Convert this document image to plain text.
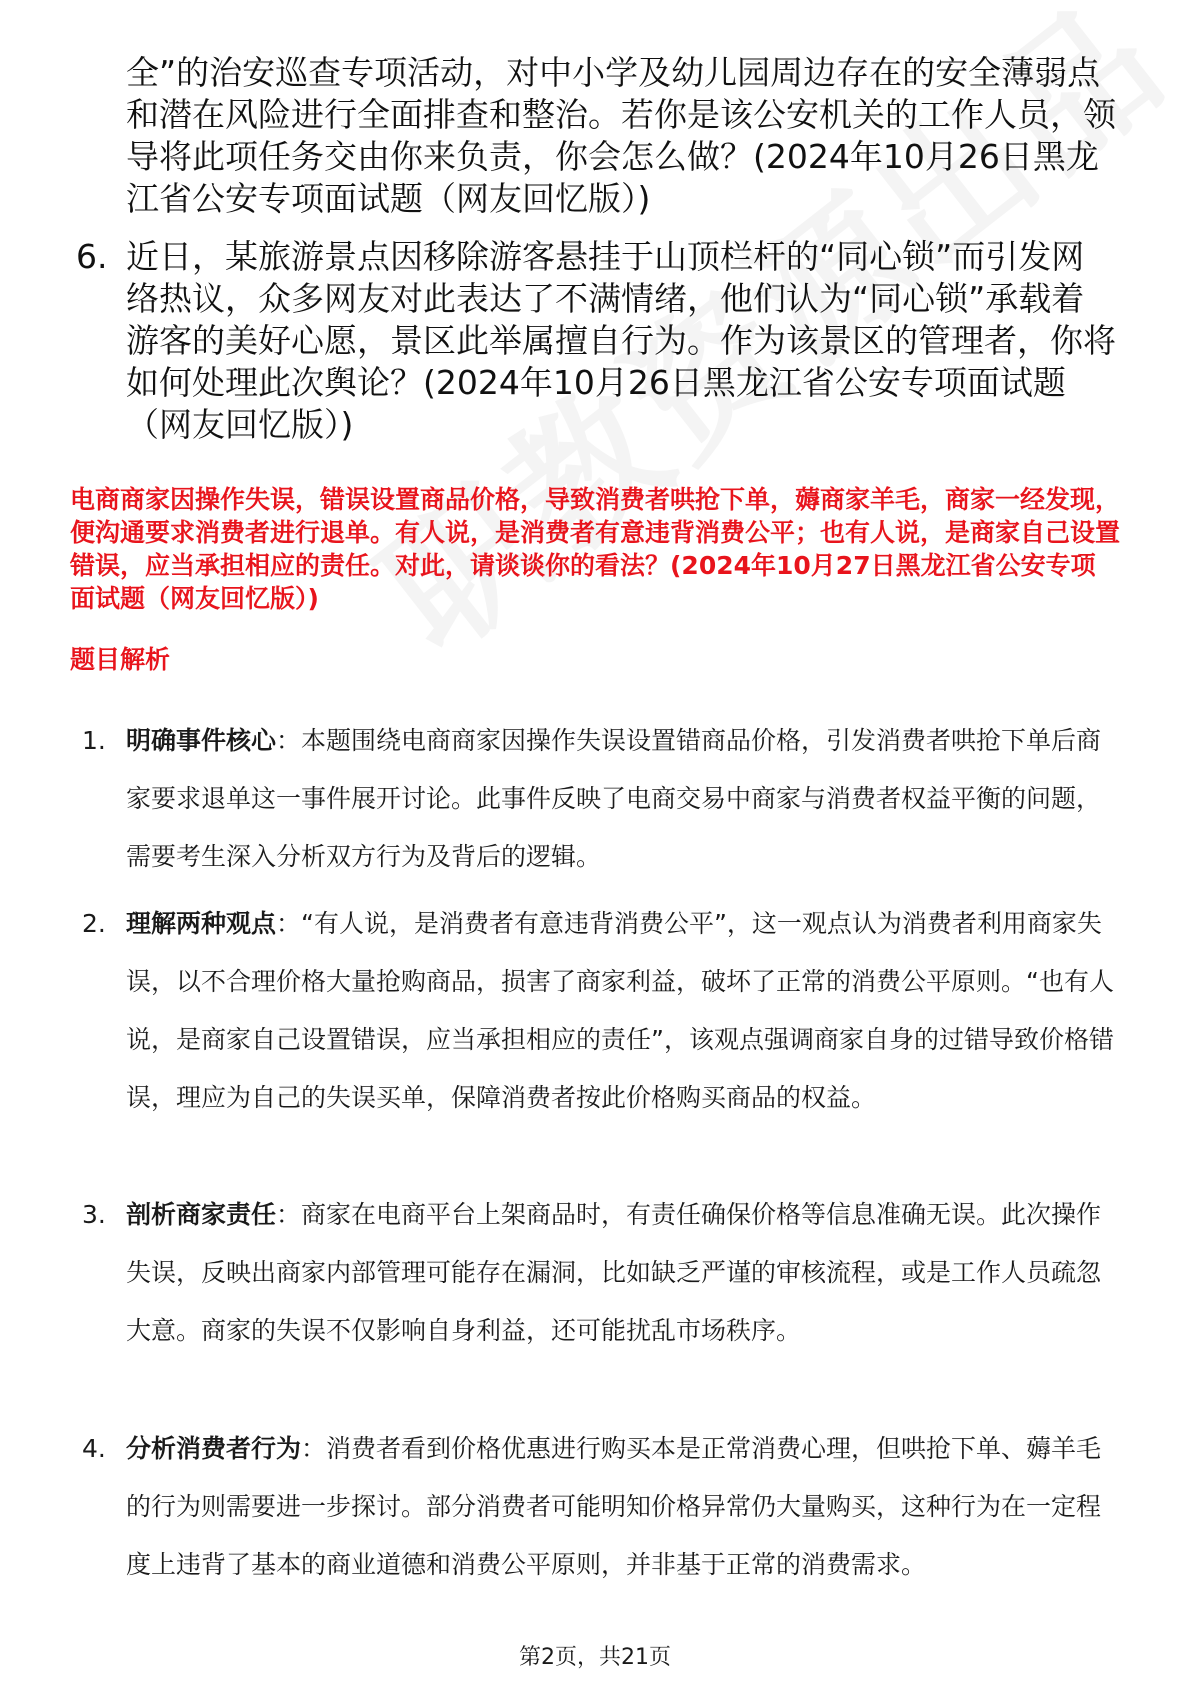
全”的治安巡查专项活动，对中小学及幼儿园周边存在的安全薄弱点和潜在风险进行全面排查和整治。若你是该公安机关的工作人员，领导将此项任务交由你来负责，你会怎么做？(2024年10月26日黑龙江省公安专项面试题（网友回忆版）)
6. 近日，某旅游景点因移除游客悬挂于山顶栏杆的“同心锁”而引发网络热议，众多网友对此表达了不满情绪，他们认为“同心锁”承载着游客的美好心愿，景区此举属擅自行为。作为该景区的管理者，你将如何处理此次舆论？(2024年10月26日黑龙江省公安专项面试题（网友回忆版）)
电商商家因操作失误，错误设置商品价格，导致消费者哄抢下单，薅商家羊毛，商家一经发现，便沟通要求消费者进行退单。有人说，是消费者有意违背消费公平；也有人说，是商家自己设置错误，应当承担相应的责任。对此，请谈谈你的看法？(2024年10月27日黑龙江省公安专项面试题（网友回忆版）)
题目解析
1. 明确事件核心：本题围绕电商商家因操作失误设置错商品价格，引发消费者哄抢下单后商家要求退单这一事件展开讨论。此事件反映了电商交易中商家与消费者权益平衡的问题，需要考生深入分析双方行为及背后的逻辑。
2. 理解两种观点：“有人说，是消费者有意违背消费公平”，这一观点认为消费者利用商家失误，以不合理价格大量抢购商品，损害了商家利益，破坏了正常的消费公平原则。“也有人说，是商家自己设置错误，应当承担相应的责任”，该观点强调商家自身的过错导致价格错误，理应为自己的失误买单，保障消费者按此价格购买商品的权益。
3. 剖析商家责任：商家在电商平台上架商品时，有责任确保价格等信息准确无误。此次操作失误，反映出商家内部管理可能存在漏洞，比如缺乏严谨的审核流程，或是工作人员疏忽大意。商家的失误不仅影响自身利益，还可能扰乱市场秩序。
4. 分析消费者行为：消费者看到价格优惠进行购买本是正常消费心理，但哄抢下单、薅羊毛的行为则需要进一步探讨。部分消费者可能明知价格异常仍大量购买，这种行为在一定程度上违背了基本的商业道德和消费公平原则，并非基于正常的消费需求。
第2页，共21页
